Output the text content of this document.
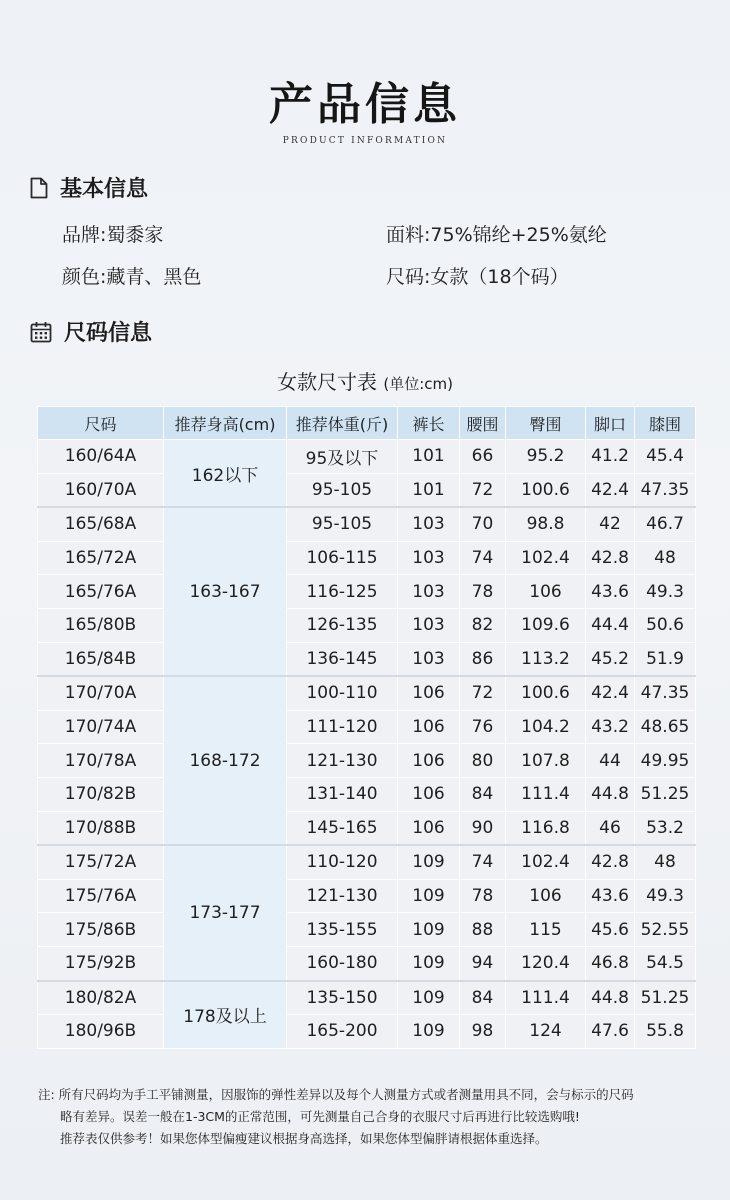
产品信息
PRODUCT INFORMATION
基本信息
品牌:蜀黍家	面料:75%锦纶+25%氨纶
颜色:藏青、黑色	尺码:女款（18个码）
尺码信息
女款尺寸表 (单位:cm)
尺码	推荐身高(cm)	推荐体重(斤)	裤长	腰围	臀围	脚口	膝围
160/64A	162以下	95及以下	101	66	95.2	41.2	45.4
160/70A		95-105	101	72	100.6	42.4	47.35
165/68A	163-167	95-105	103	70	98.8	42	46.7
165/72A		106-115	103	74	102.4	42.8	48
165/76A		116-125	103	78	106	43.6	49.3
165/80B		126-135	103	82	109.6	44.4	50.6
165/84B		136-145	103	86	113.2	45.2	51.9
170/70A	168-172	100-110	106	72	100.6	42.4	47.35
170/74A		111-120	106	76	104.2	43.2	48.65
170/78A		121-130	106	80	107.8	44	49.95
170/82B		131-140	106	84	111.4	44.8	51.25
170/88B		145-165	106	90	116.8	46	53.2
175/72A	173-177	110-120	109	74	102.4	42.8	48
175/76A		121-130	109	78	106	43.6	49.3
175/86B		135-155	109	88	115	45.6	52.55
175/92B		160-180	109	94	120.4	46.8	54.5
180/82A	178及以上	135-150	109	84	111.4	44.8	51.25
180/96B		165-200	109	98	124	47.6	55.8

注: 所有尺码均为手工平铺测量，因服饰的弹性差异以及每个人测量方式或者测量用具不同，会与标示的尺码

略有差异。误差一般在1-3CM的正常范围，可先测量自己合身的衣服尺寸后再进行比较选购哦!

推荐表仅供参考！如果您体型偏瘦建议根据身高选择，如果您体型偏胖请根据体重选择。
